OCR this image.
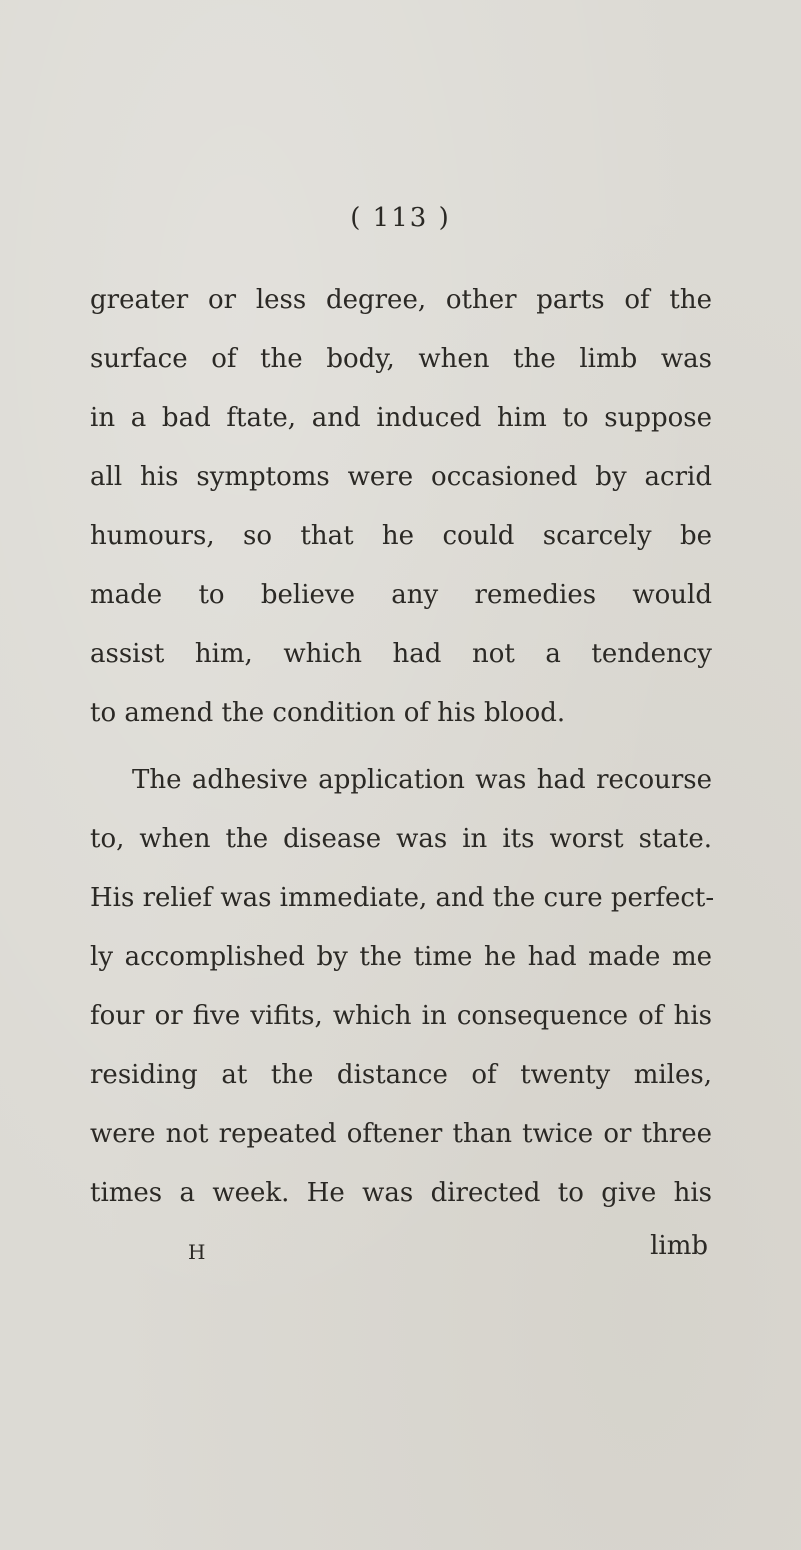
( 113 )
greater or less degree, other parts of the
surface of the body, when the limb was
in a bad ftate, and induced him to suppose
all his symptoms were occasioned by acrid
humours, so that he could scarcely be
made to believe any remedies would
assist him, which had not a tendency
to amend the condition of his blood.
The adhesive application was had recourse
to, when the disease was in its worst state.
His relief was immediate, and the cure perfect-
ly accomplished by the time he had made me
four or five vifits, which in consequence of his
residing at the distance of twenty miles,
were not repeated oftener than twice or three
times a week. He was directed to give his
H	limb
